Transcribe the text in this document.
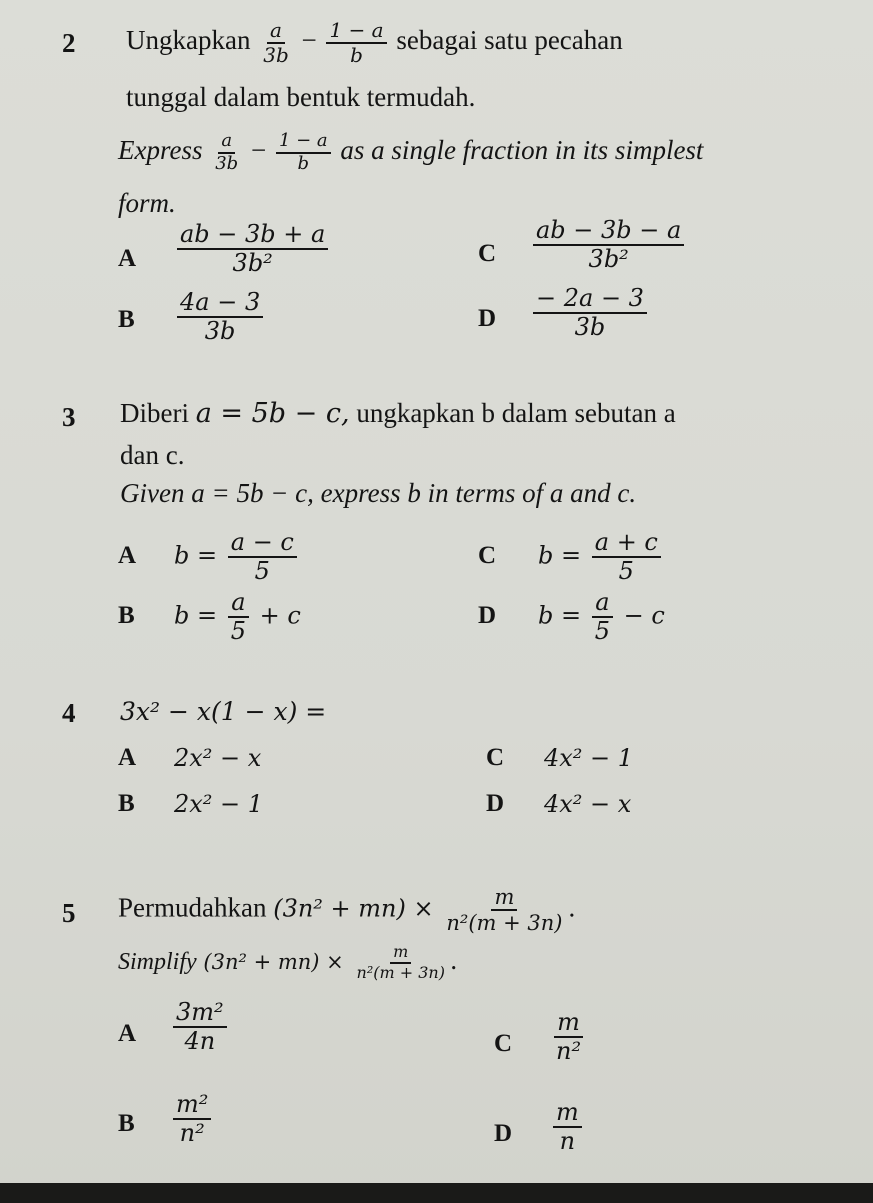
2 Ungkapkan $\frac{a}{3b} - \frac{1 - a}{b}$ sebagai satu pecahan
tunggal dalam bentuk termudah.
Express $\frac{a}{3b} - \frac{1 - a}{b}$ as a single fraction in its simplest
form.
A $\frac{ab - 3b + a}{\text{3b²}}$
B $\frac{4a - 3}{3b}$
C $\frac{ab - 3b - a}{\text{3b²}}$
D $\frac{- 2a - 3}{3b}$
3 Diberi a = 5b − c, ungkapkan b dalam sebutan a
dan c.
Given a = 5b − c, express b in terms of a and c.
A $b = \frac{a - c}{5}$
B $b = \frac{a}{5} + c$
C $b = \frac{a + c}{5}$
D $b = \frac{a}{5} - c$
4 3x² − x(1 − x) =
A 2x² − x
B 2x² − 1
C 4x² − 1
D 4x² − x
5 Permudahkan $(3n^2 + mn) \times \frac{m}{\text{n²(m + 3n)}}$ .
Simplify $(3n^2 + mn) \times \frac{m}{\text{n²(m + 3n)}}$ .
A $\frac{\text{3m²}}{4n}$
B $\frac{\text{m²}}{\text{n²}}$
C $\frac{m}{\text{n²}}$
D $\frac{m}{n}$
